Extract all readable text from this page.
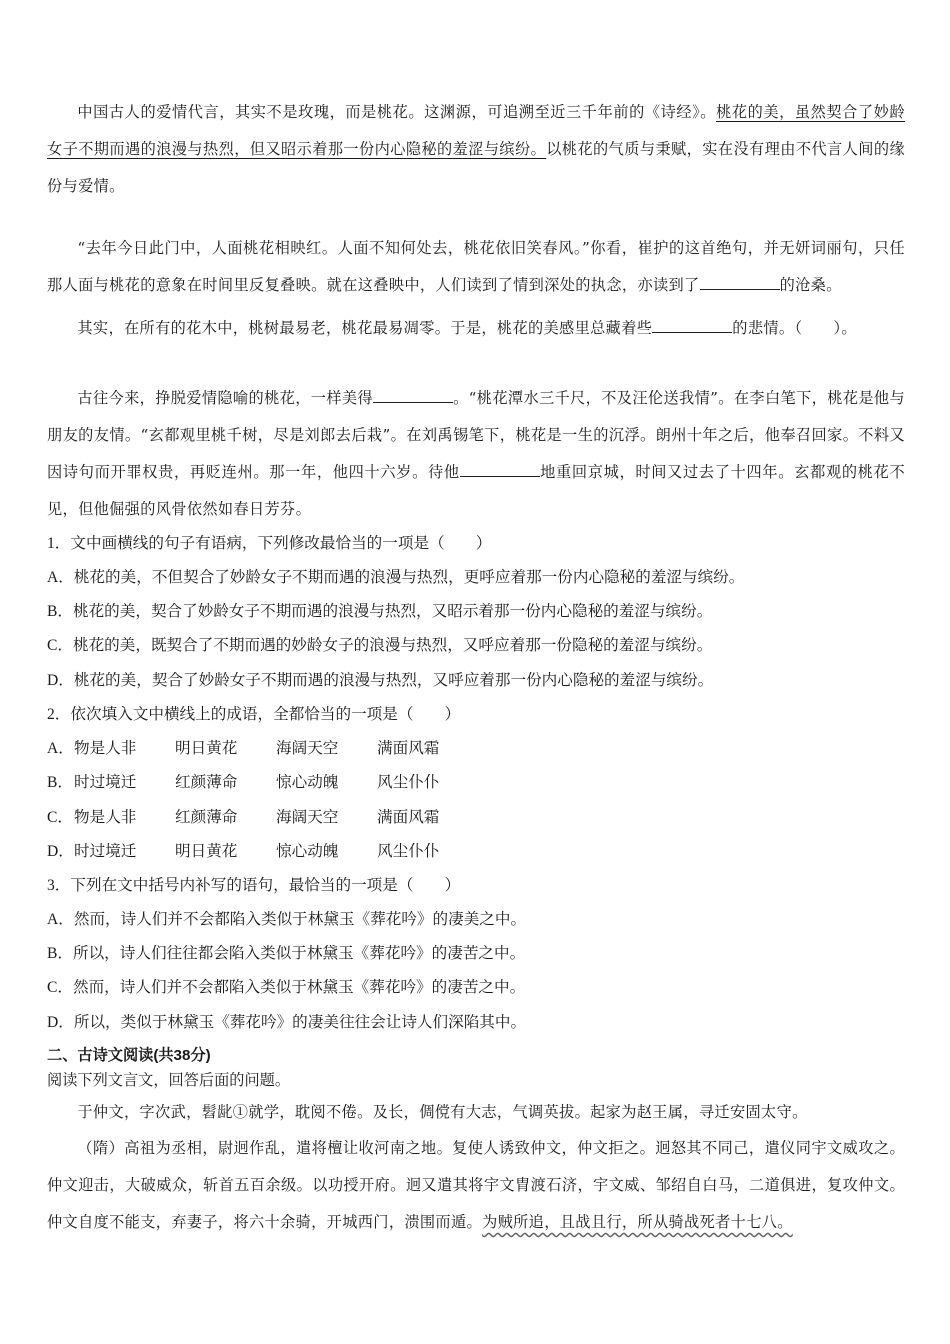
中国古人的爱情代言，其实不是玫瑰，而是桃花。这渊源，可追溯至近三千年前的《诗经》。桃花的美，虽然契合了妙龄女子不期而遇的浪漫与热烈，但又昭示着那一份内心隐秘的羞涩与缤纷。以桃花的气质与秉赋，实在没有理由不代言人间的缘份与爱情。

“去年今日此门中，人面桃花相映红。人面不知何处去，桃花依旧笑春风。”你看，崔护的这首绝句，并无妍词丽句，只任那人面与桃花的意象在时间里反复叠映。就在这叠映中，人们读到了情到深处的执念，亦读到了	的沧桑。

其实，在所有的花木中，桃树最易老，桃花最易凋零。于是，桃花的美感里总藏着些	的悲情。（　　）。

古往今来，挣脱爱情隐喻的桃花，一样美得	。“桃花潭水三千尺，不及汪伦送我情”。在李白笔下，桃花是他与朋友的友情。“玄都观里桃千树，尽是刘郎去后栽”。在刘禹锡笔下，桃花是一生的沉浮。朗州十年之后，他奉召回家。不料又因诗句而开罪权贵，再贬连州。那一年，他四十六岁。待他	地重回京城，时间又过去了十四年。玄都观的桃花不见，但他倔强的风骨依然如春日芳芬。

1．文中画横线的句子有语病，下列修改最恰当的一项是（　　）
A．桃花的美，不但契合了妙龄女子不期而遇的浪漫与热烈，更呼应着那一份内心隐秘的羞涩与缤纷。
B．桃花的美，契合了妙龄女子不期而遇的浪漫与热烈，又昭示着那一份内心隐秘的羞涩与缤纷。
C．桃花的美，既契合了不期而遇的妙龄女子的浪漫与热烈，又呼应着那一份隐秘的羞涩与缤纷。
D．桃花的美，契合了妙龄女子不期而遇的浪漫与热烈，又呼应着那一份内心隐秘的羞涩与缤纷。
2．依次填入文中横线上的成语，全都恰当的一项是（　　）
A．物是人非 明日黄花 海阔天空 满面风霜
B．时过境迁 红颜薄命 惊心动魄 风尘仆仆
C．物是人非 红颜薄命 海阔天空 满面风霜
D．时过境迁 明日黄花 惊心动魄 风尘仆仆
3．下列在文中括号内补写的语句，最恰当的一项是（　　）
A．然而，诗人们并不会都陷入类似于林黛玉《葬花吟》的凄美之中。
B．所以，诗人们往往都会陷入类似于林黛玉《葬花吟》的凄苦之中。
C．然而，诗人们并不会都陷入类似于林黛玉《葬花吟》的凄苦之中。
D．所以，类似于林黛玉《葬花吟》的凄美往往会让诗人们深陷其中。
二、古诗文阅读(共38分)
阅读下列文言文，回答后面的问题。

于仲文，字次武，髫龀①就学，耽阅不倦。及长，倜傥有大志，气调英拔。起家为赵王属，寻迁安固太守。

（隋）高祖为丞相，尉迥作乱，遣将檀让收河南之地。复使人诱致仲文，仲文拒之。迥怒其不同己，遣仪同宇文威攻之。仲文迎击，大破威众，斩首五百余级。以功授开府。迥又遣其将宇文胄渡石济，宇文威、邹绍自白马，二道俱进，复攻仲文。仲文自度不能支，弃妻子，将六十余骑，开城西门，溃围而遁。为贼所追，且战且行，所从骑战死者十七八。
